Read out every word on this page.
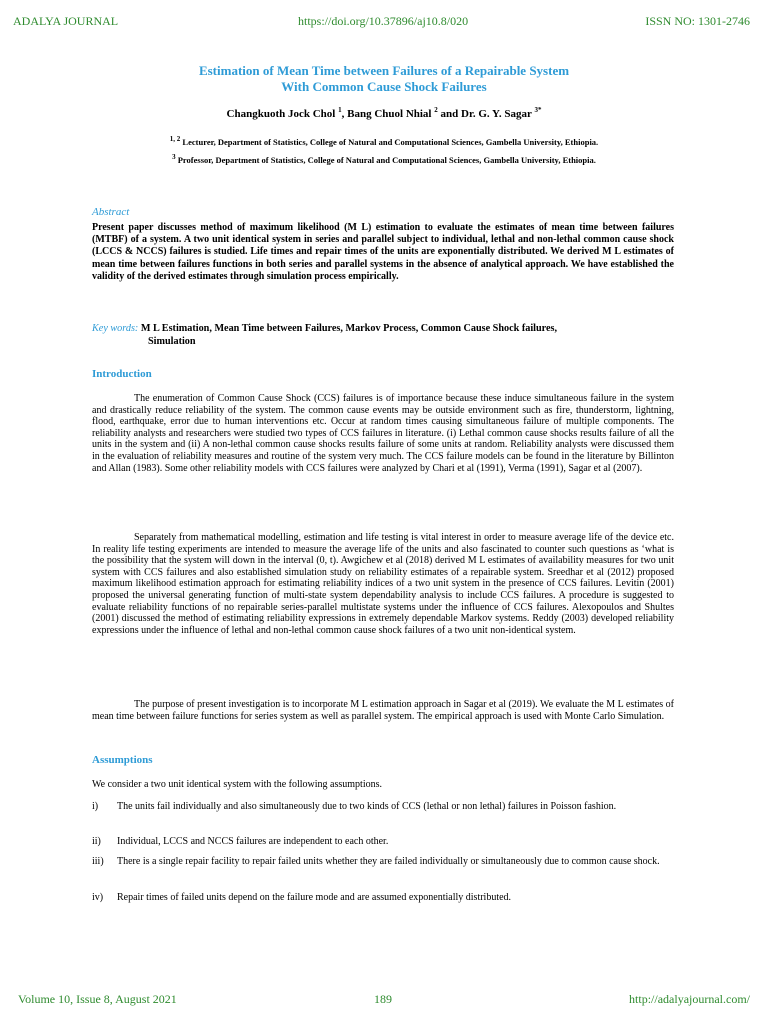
ADALYA JOURNAL	https://doi.org/10.37896/aj10.8/020	ISSN NO: 1301-2746
Estimation of Mean Time between Failures of a Repairable System
With Common Cause Shock Failures
Changkuoth Jock Chol $^1$, Bang Chuol Nhial $^2$ and Dr. G. Y. Sagar $^{3*}$
$^{1, 2}$ Lecturer, Department of Statistics, College of Natural and Computational Sciences, Gambella University, Ethiopia.
$^3$ Professor, Department of Statistics, College of Natural and Computational Sciences, Gambella University, Ethiopia.
Abstract
Present paper discusses method of maximum likelihood (M L) estimation to evaluate the estimates of mean time between failures (MTBF) of a system. A two unit identical system in series and parallel subject to individual, lethal and non-lethal common cause shock (LCCS & NCCS) failures is studied. Life times and repair times of the units are exponentially distributed. We derived M L estimates of mean time between failures functions in both series and parallel systems in the absence of analytical approach. We have established the validity of the derived estimates through simulation process empirically.
Key words: M L Estimation, Mean Time between Failures, Markov Process, Common Cause Shock failures,
Simulation
Introduction
The enumeration of Common Cause Shock (CCS) failures is of importance because these induce simultaneous failure in the system and drastically reduce reliability of the system. The common cause events may be outside environment such as fire, thunderstorm, lightning, flood, earthquake, error due to human interventions etc. Occur at random times causing simultaneous failure of multiple components. The reliability analysts and researchers were studied two types of CCS failures in literature. (i) Lethal common cause shocks results failure of all the units in the system and (ii) A non-lethal common cause shocks results failure of some units at random. Reliability analysts were discussed them in the evaluation of reliability measures and routine of the system very much. The CCS failure models can be found in the literature by Billinton and Allan (1983). Some other reliability models with CCS failures were analyzed by Chari et al (1991), Verma (1991), Sagar et al (2007).
Separately from mathematical modelling, estimation and life testing is vital interest in order to measure average life of the device etc. In reality life testing experiments are intended to measure the average life of the units and also fascinated to counter such questions as ‘what is the possibility that the system will down in the interval (0, t). Awgichew et al (2018) derived M L estimates of availability measures for two unit system with CCS failures and also established simulation study on reliability estimates of a repairable system. Sreedhar et al (2012) proposed maximum likelihood estimation approach for estimating reliability indices of a two unit system in the presence of CCS failures. Levitin (2001) proposed the universal generating function of multi-state system dependability analysis to include CCS failures. A procedure is suggested to evaluate reliability functions of no repairable series-parallel multistate systems under the influence of CCS failures. Alexopoulos and Shultes (2001) discussed the method of estimating reliability expressions in extremely dependable Markov systems. Reddy (2003) developed reliability expressions under the influence of lethal and non-lethal common cause shock failures of a two unit non-identical system.
The purpose of present investigation is to incorporate M L estimation approach in Sagar et al (2019). We evaluate the M L estimates of mean time between failure functions for series system as well as parallel system. The empirical approach is used with Monte Carlo Simulation.
Assumptions
We consider a two unit identical system with the following assumptions.
i)	The units fail individually and also simultaneously due to two kinds of CCS (lethal or non lethal) failures in Poisson fashion.
ii)	Individual, LCCS and NCCS failures are independent to each other.
iii)	There is a single repair facility to repair failed units whether they are failed individually or simultaneously due to common cause shock.
iv)	Repair times of failed units depend on the failure mode and are assumed exponentially distributed.
Volume 10, Issue 8, August 2021	189	http://adalyajournal.com/
